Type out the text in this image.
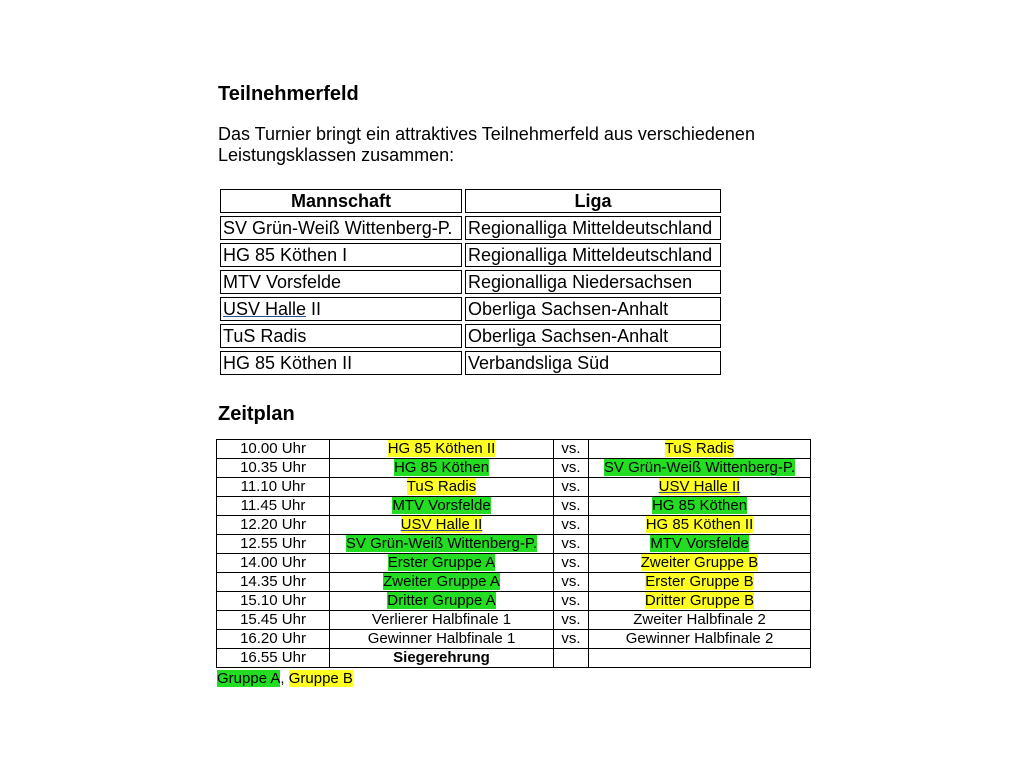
Teilnehmerfeld
Das Turnier bringt ein attraktives Teilnehmerfeld aus verschiedenen
Leistungsklassen zusammen:
Mannschaft	Liga
SV Grün-Weiß Wittenberg-P.	Regionalliga Mitteldeutschland
HG 85 Köthen I	Regionalliga Mitteldeutschland
MTV Vorsfelde	Regionalliga Niedersachsen
USV Halle II	Oberliga Sachsen-Anhalt
TuS Radis	Oberliga Sachsen-Anhalt
HG 85 Köthen II	Verbandsliga Süd
Zeitplan
10.00 Uhr	HG 85 Köthen II	vs.	TuS Radis
10.35 Uhr	HG 85 Köthen	vs.	SV Grün-Weiß Wittenberg-P.
11.10 Uhr	TuS Radis	vs.	USV Halle II
11.45 Uhr	MTV Vorsfelde	vs.	HG 85 Köthen
12.20 Uhr	USV Halle II	vs.	HG 85 Köthen II
12.55 Uhr	SV Grün-Weiß Wittenberg-P.	vs.	MTV Vorsfelde
14.00 Uhr	Erster Gruppe A	vs.	Zweiter Gruppe B
14.35 Uhr	Zweiter Gruppe A	vs.	Erster Gruppe B
15.10 Uhr	Dritter Gruppe A	vs.	Dritter Gruppe B
15.45 Uhr	Verlierer Halbfinale 1	vs.	Zweiter Halbfinale 2
16.20 Uhr	Gewinner Halbfinale 1	vs.	Gewinner Halbfinale 2
16.55 Uhr	Siegerehrung		
Gruppe A, Gruppe B
